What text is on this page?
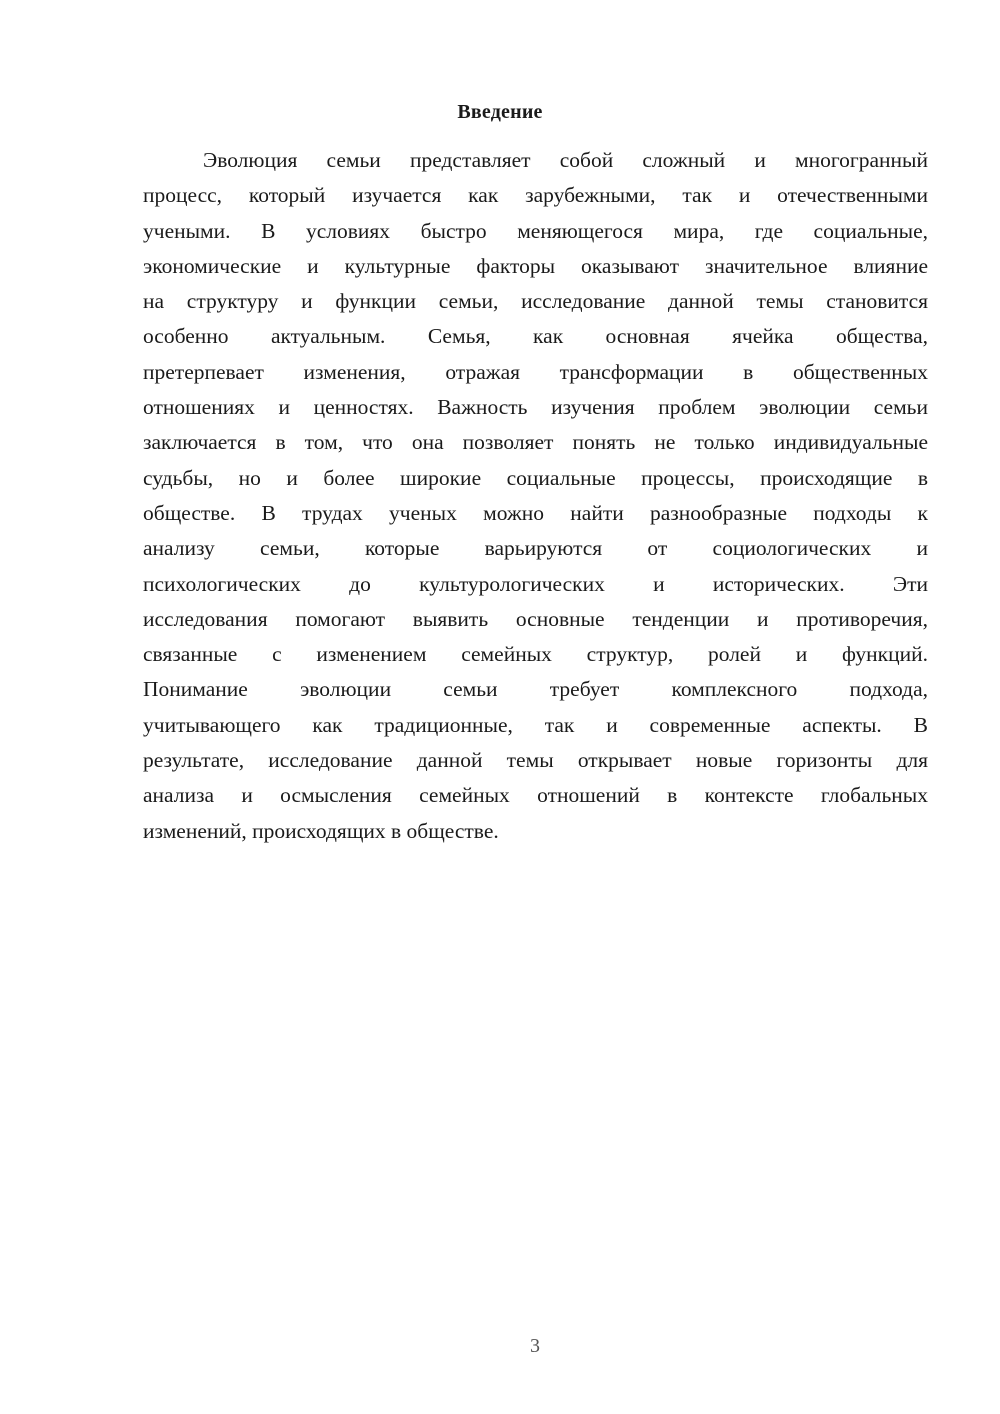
Введение
Эволюция семьи представляет собой сложный и многогранный
процесс, который изучается как зарубежными, так и отечественными
учеными. В условиях быстро меняющегося мира, где социальные,
экономические и культурные факторы оказывают значительное влияние
на структуру и функции семьи, исследование данной темы становится
особенно актуальным. Семья, как основная ячейка общества,
претерпевает изменения, отражая трансформации в общественных
отношениях и ценностях. Важность изучения проблем эволюции семьи
заключается в том, что она позволяет понять не только индивидуальные
судьбы, но и более широкие социальные процессы, происходящие в
обществе. В трудах ученых можно найти разнообразные подходы к
анализу семьи, которые варьируются от социологических и
психологических до культурологических и исторических. Эти
исследования помогают выявить основные тенденции и противоречия,
связанные с изменением семейных структур, ролей и функций.
Понимание эволюции семьи требует комплексного подхода,
учитывающего как традиционные, так и современные аспекты. В
результате, исследование данной темы открывает новые горизонты для
анализа и осмысления семейных отношений в контексте глобальных
изменений, происходящих в обществе.
3
